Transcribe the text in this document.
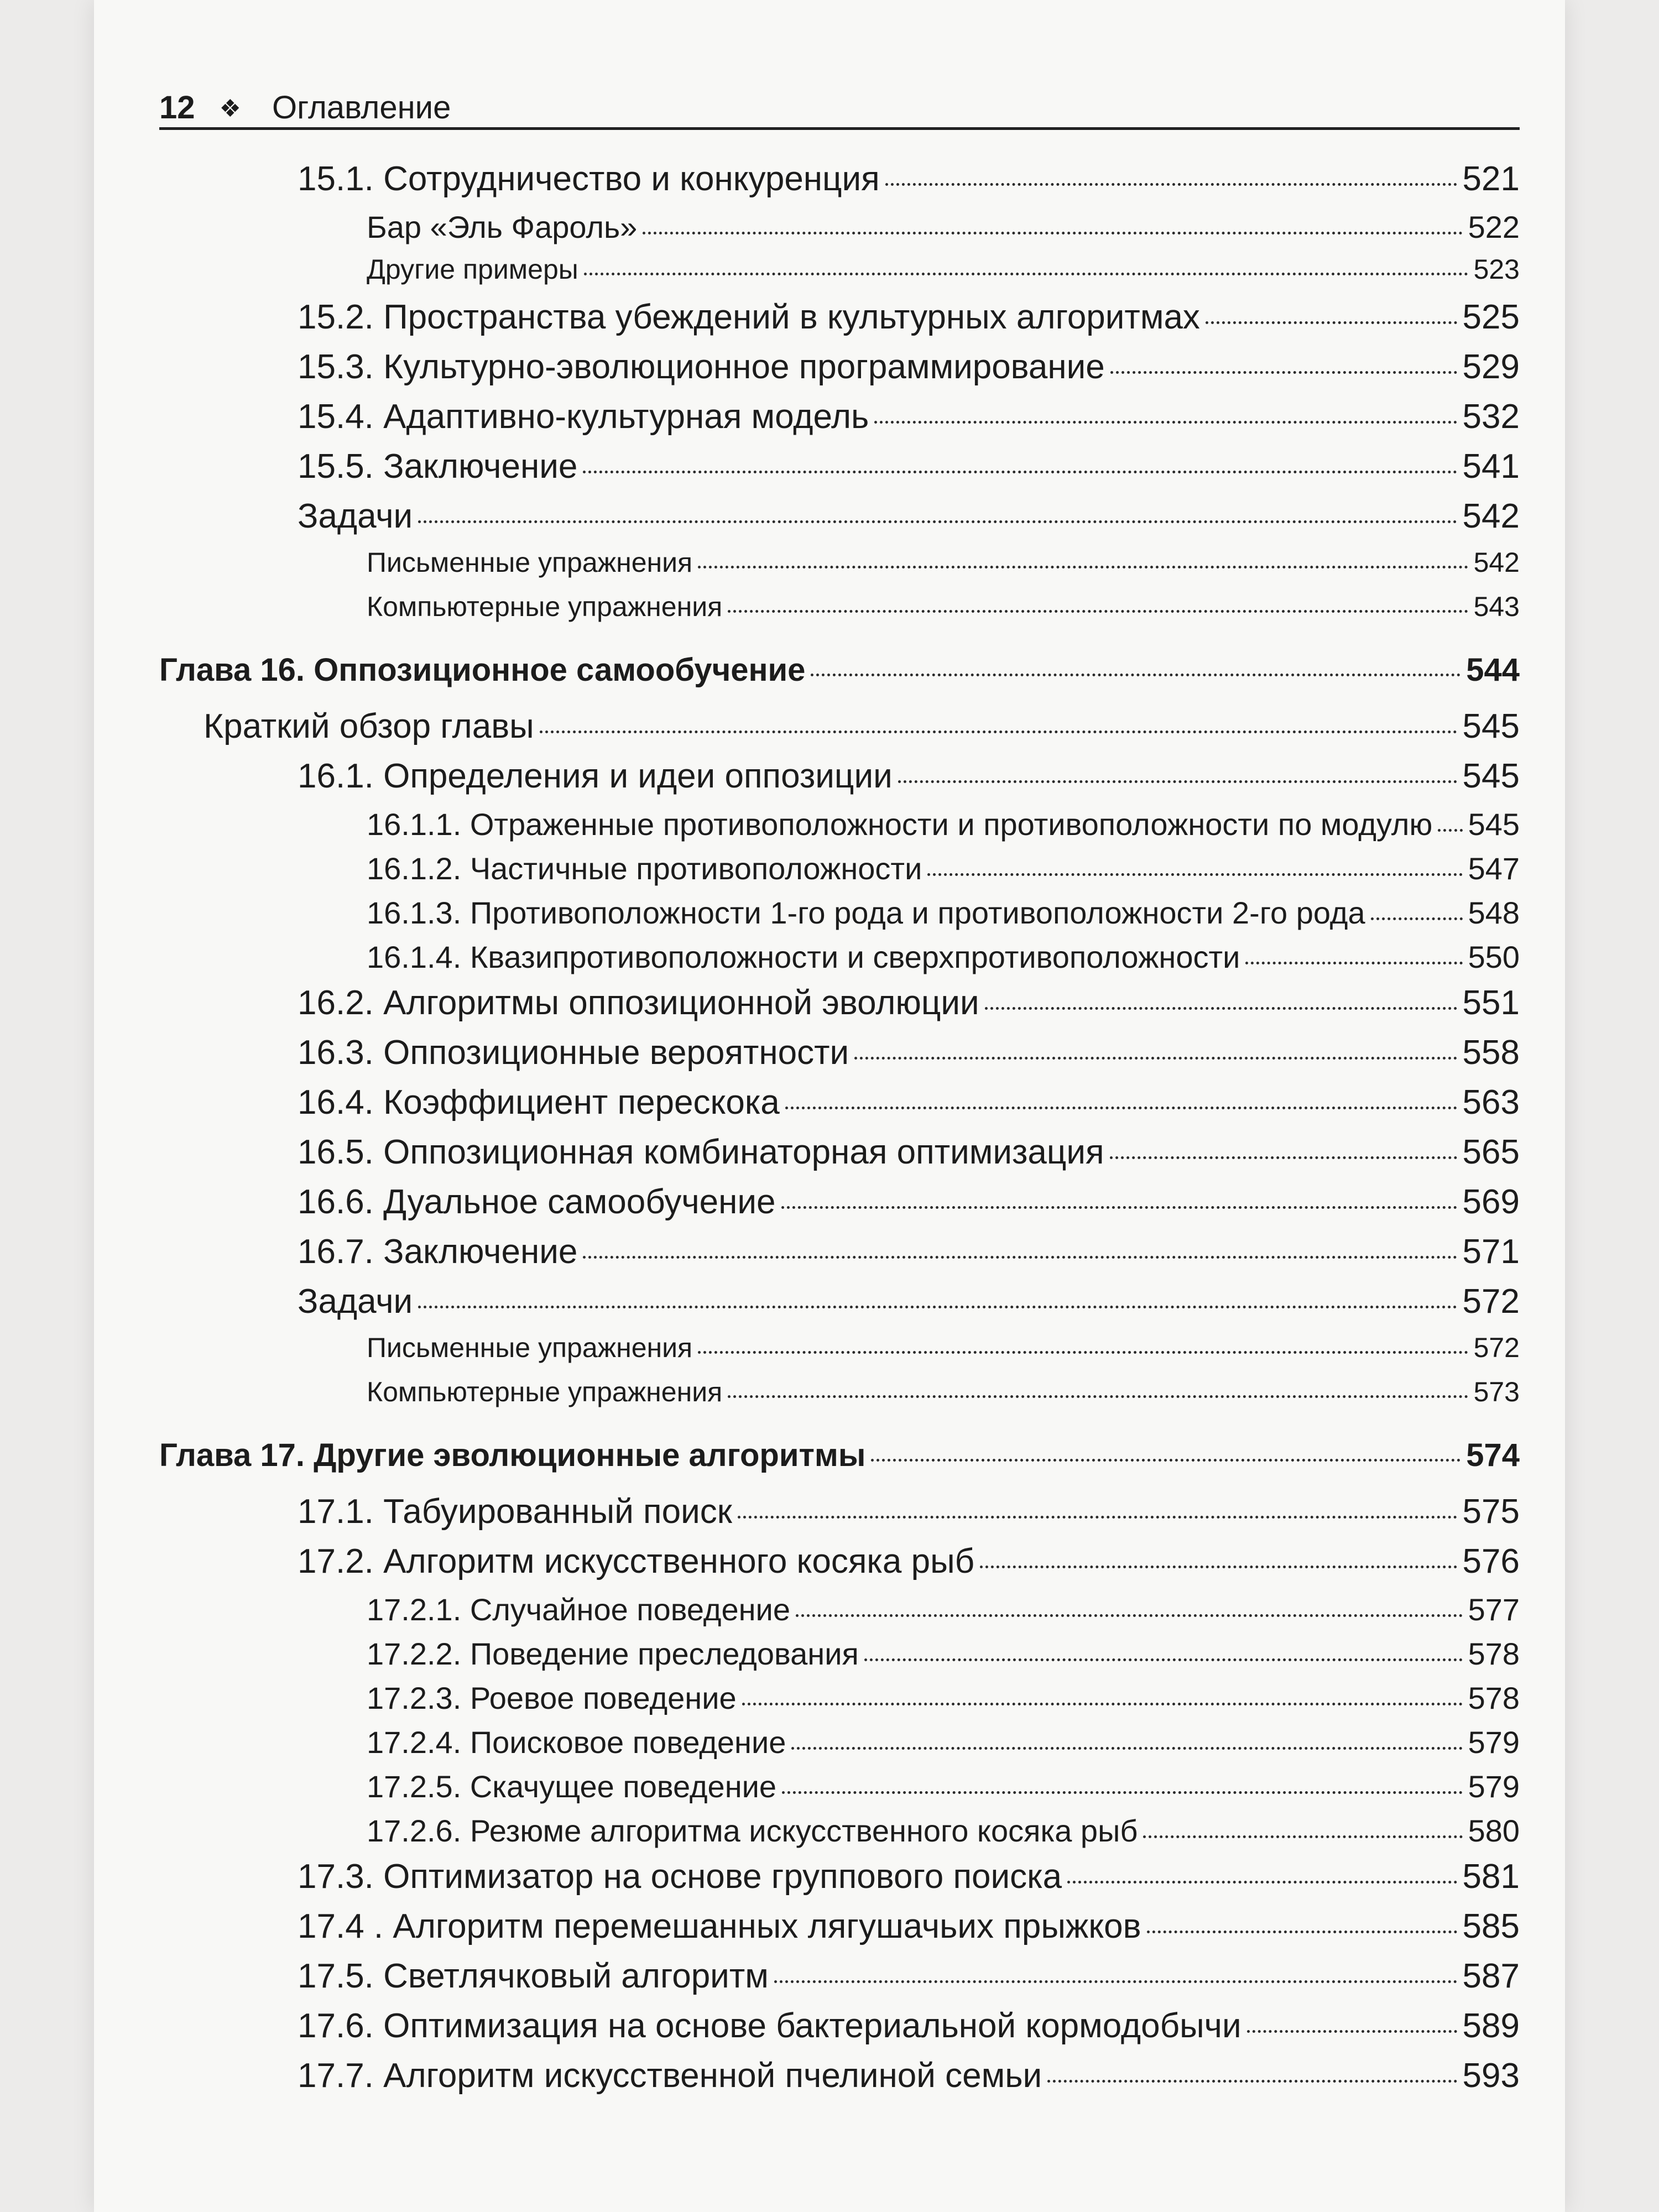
12 ❖ Оглавление
15.1. Сотрудничество и конкуренция	521
Бар «Эль Фароль»	522
Другие примеры	523
15.2. Пространства убеждений в культурных алгоритмах	525
15.3. Культурно-эволюционное программирование	529
15.4. Адаптивно-культурная модель	532
15.5. Заключение	541
Задачи	542
Письменные упражнения	542
Компьютерные упражнения	543
Глава 16. Оппозиционное самообучение	544
Краткий обзор главы	545
16.1. Определения и идеи оппозиции	545
16.1.1. Отраженные противоположности и противоположности по модулю 545
16.1.2. Частичные противоположности	547
16.1.3. Противоположности 1-го рода и противоположности 2-го рода	548
16.1.4. Квазипротивоположности и сверхпротивоположности	550
16.2. Алгоритмы оппозиционной эволюции	551
16.3. Оппозиционные вероятности	558
16.4. Коэффициент перескока	563
16.5. Оппозиционная комбинаторная оптимизация	565
16.6. Дуальное самообучение	569
16.7. Заключение	571
Задачи	572
Письменные упражнения	572
Компьютерные упражнения	573
Глава 17. Другие эволюционные алгоритмы	574
17.1. Табуированный поиск	575
17.2. Алгоритм искусственного косяка рыб	576
17.2.1. Случайное поведение	577
17.2.2. Поведение преследования	578
17.2.3. Роевое поведение	578
17.2.4. Поисковое поведение	579
17.2.5. Скачущее поведение	579
17.2.6. Резюме алгоритма искусственного косяка рыб	580
17.3. Оптимизатор на основе группового поиска	581
17.4 . Алгоритм перемешанных лягушачьих прыжков	585
17.5. Светлячковый алгоритм	587
17.6. Оптимизация на основе бактериальной кормодобычи	589
17.7. Алгоритм искусственной пчелиной семьи	593
